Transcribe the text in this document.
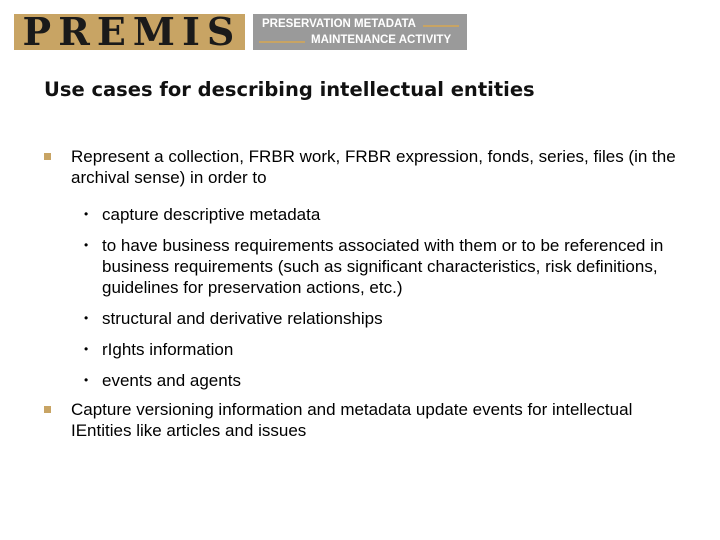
P R E M I S PRESERVATION METADATA
MAINTENANCE ACTIVITY
Use cases for describing intellectual entities
Represent a collection, FRBR work, FRBR expression, fonds, series, files (in the archival sense) in order to
• capture descriptive metadata
• to have business requirements associated with them or to be referenced in business requirements (such as significant characteristics, risk definitions, guidelines for preservation actions, etc.)
• structural and derivative relationships
• rIghts information
• events and agents
Capture versioning information and metadata update events for intellectual IEntities like articles and issues
